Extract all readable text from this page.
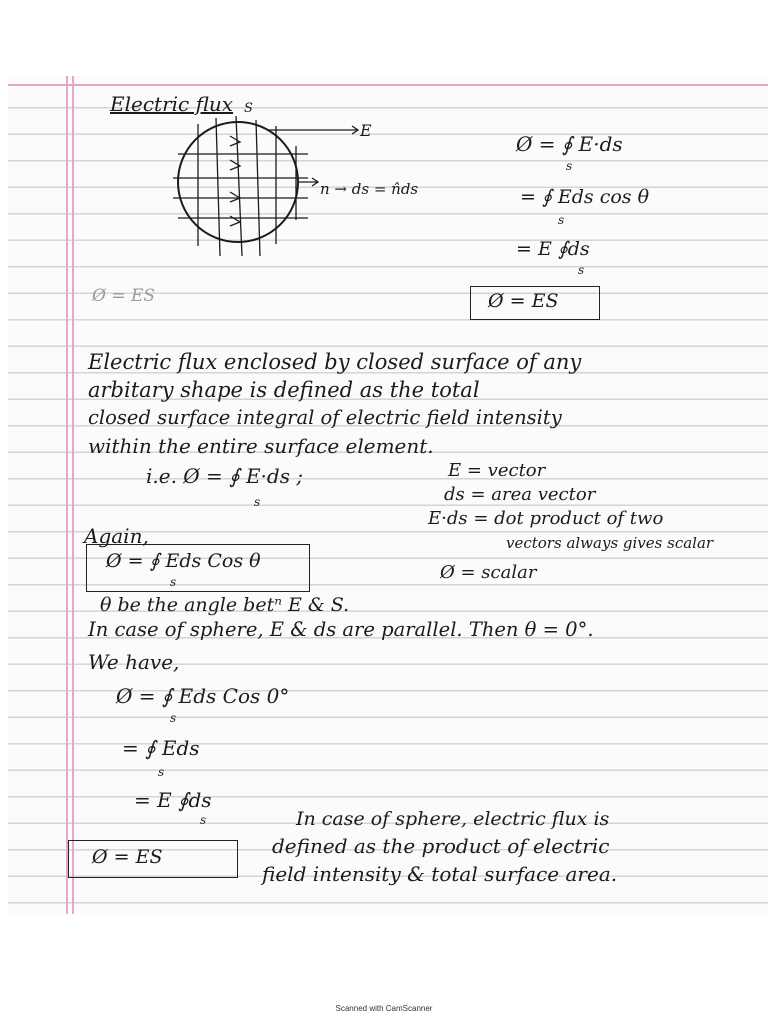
Electric flux S
E
n → ds = n̂ds
Ø = ∮ E·ds
s
= ∮ Eds cos θ
s
= E ∮ds
s
Ø = ES
Ø = ES
Electric flux enclosed by closed surface of any
arbitary shape is defined as the total
closed surface integral of electric field intensity
within the entire surface element.
i.e. Ø = ∮ E·ds ;
s
E = vector
ds = area vector
E·ds = dot product of two
vectors always gives scalar
Ø = scalar
Again,
Ø = ∮ Eds Cos θ
s
θ be the angle betⁿ E & S.
In case of sphere, E & ds are parallel. Then θ = 0°.
We have,
Ø = ∮ Eds Cos 0°
s
= ∮ Eds
s
= E ∮ds
s
Ø = ES
In case of sphere, electric flux is
defined as the product of electric
field intensity & total surface area.
Scanned with CamScanner
